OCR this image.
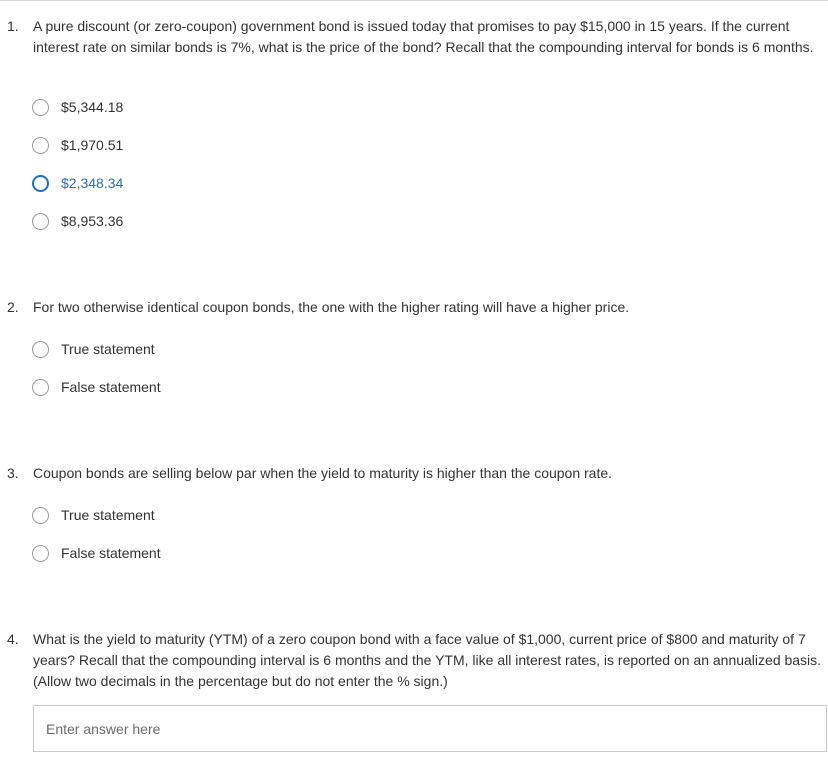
1. A pure discount (or zero-coupon) government bond is issued today that promises to pay $15,000 in 15 years. If the current interest rate on similar bonds is 7%, what is the price of the bond? Recall that the compounding interval for bonds is 6 months.
$5,344.18
$1,970.51
$2,348.34
$8,953.36
2. For two otherwise identical coupon bonds, the one with the higher rating will have a higher price.
True statement
False statement
3. Coupon bonds are selling below par when the yield to maturity is higher than the coupon rate.
True statement
False statement
4. What is the yield to maturity (YTM) of a zero coupon bond with a face value of $1,000, current price of $800 and maturity of 7 years? Recall that the compounding interval is 6 months and the YTM, like all interest rates, is reported on an annualized basis. (Allow two decimals in the percentage but do not enter the % sign.)
Enter answer here
